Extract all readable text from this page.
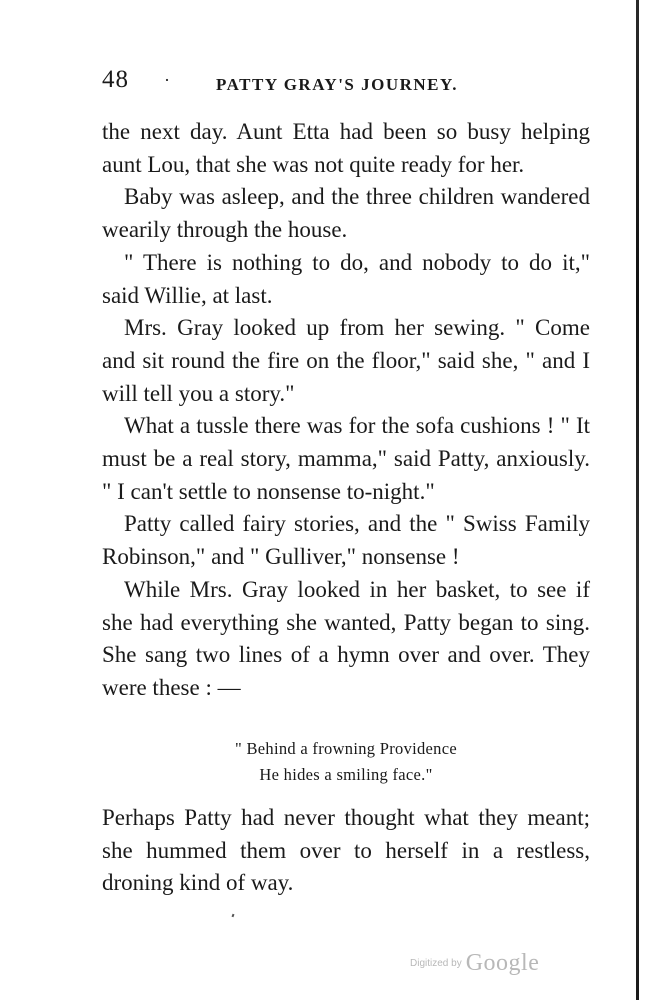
48 ·	PATTY GRAY'S JOURNEY.

the next day. Aunt Etta had been so busy helping aunt Lou, that she was not quite ready for her.

Baby was asleep, and the three children wandered wearily through the house.

" There is nothing to do, and nobody to do it," said Willie, at last.

Mrs. Gray looked up from her sewing. " Come and sit round the fire on the floor," said she, " and I will tell you a story."

What a tussle there was for the sofa cushions ! " It must be a real story, mamma," said Patty, anxiously. " I can't settle to nonsense to-night."

Patty called fairy stories, and the " Swiss Family Robinson," and " Gulliver," nonsense !

While Mrs. Gray looked in her basket, to see if she had everything she wanted, Patty began to sing. She sang two lines of a hymn over and over. They were these : —

" Behind a frowning Providence
He hides a smiling face."

Perhaps Patty had never thought what they meant; she hummed them over to herself in a restless, droning kind of way.

Digitized by Google
